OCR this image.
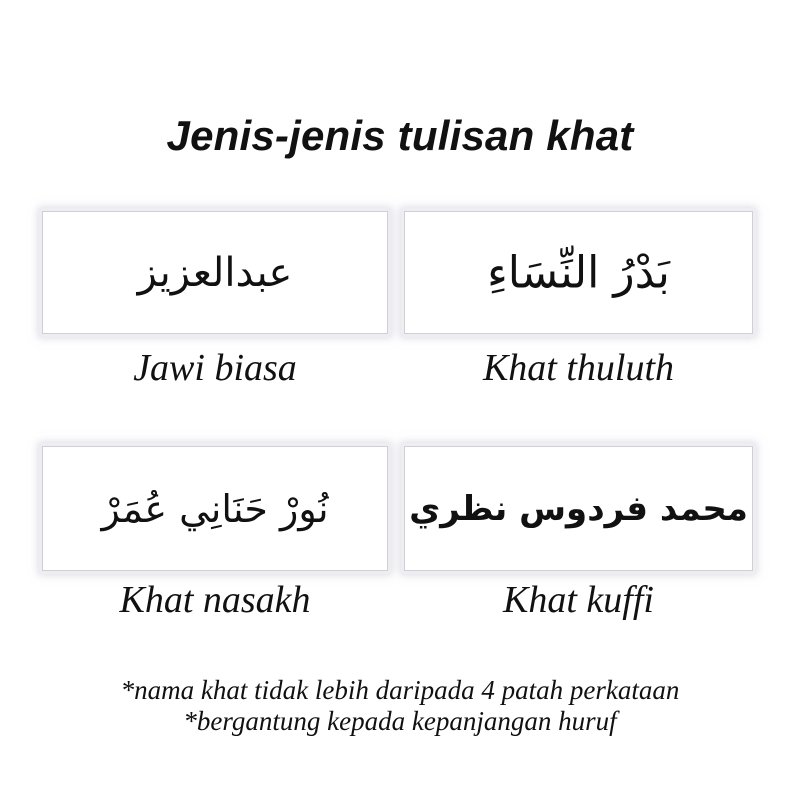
Jenis-jenis tulisan khat
عبدالعزيز
Jawi biasa
بَدْرُ النِّسَاءِ
Khat thuluth
نُورْ حَنَانِي عُمَرْ
Khat nasakh
محمد فردوس نظري
Khat kuffi
*nama khat tidak lebih daripada 4 patah perkataan
*bergantung kepada kepanjangan huruf
